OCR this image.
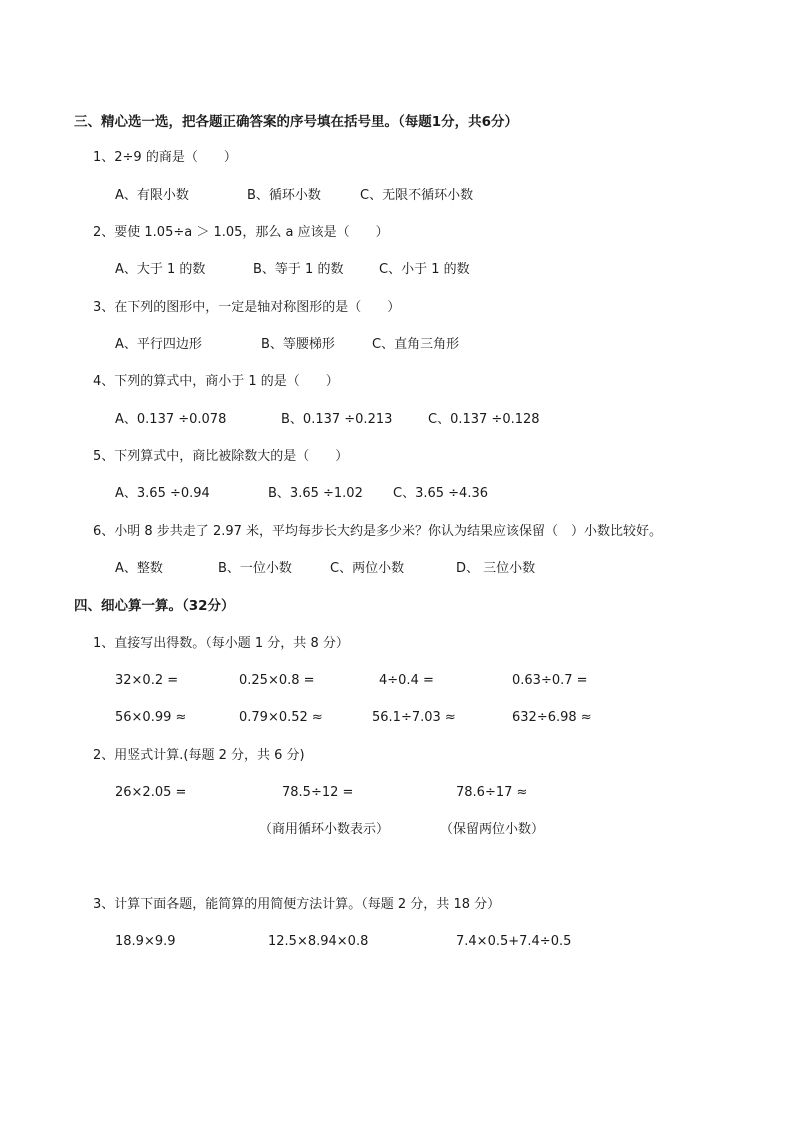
三、精心选一选，把各题正确答案的序号填在括号里。（每题1分，共6分）
1、2÷9 的商是（　　）
A、有限小数	B、循环小数	C、无限不循环小数
2、要使 1.05÷a ＞ 1.05，那么 a 应该是（　　）
A、大于 1 的数	B、等于 1 的数	C、小于 1 的数
3、在下列的图形中，一定是轴对称图形的是（　　）
A、平行四边形	B、等腰梯形	C、直角三角形
4、下列的算式中，商小于 1 的是（　　）
A、0.137 ÷0.078	B、0.137 ÷0.213	C、0.137 ÷0.128
5、下列算式中，商比被除数大的是（　　）
A、3.65 ÷0.94	B、3.65 ÷1.02 C、3.65 ÷4.36
6、小明 8 步共走了 2.97 米，平均每步长大约是多少米？你认为结果应该保留（　）小数比较好。
A、整数	B、一位小数	C、两位小数	D、 三位小数
四、细心算一算。（32分）
1、直接写出得数。（每小题 1 分，共 8 分）
32×0.2 =	0.25×0.8 =	4÷0.4 =	0.63÷0.7 =
56×0.99 ≈	0.79×0.52 ≈	56.1÷7.03 ≈	632÷6.98 ≈
2、用竖式计算.(每题 2 分，共 6 分)
26×2.05 =	78.5÷12 =	78.6÷17 ≈
（商用循环小数表示）	（保留两位小数）
3、计算下面各题，能简算的用简便方法计算。（每题 2 分，共 18 分）
18.9×9.9	12.5×8.94×0.8	7.4×0.5+7.4÷0.5
